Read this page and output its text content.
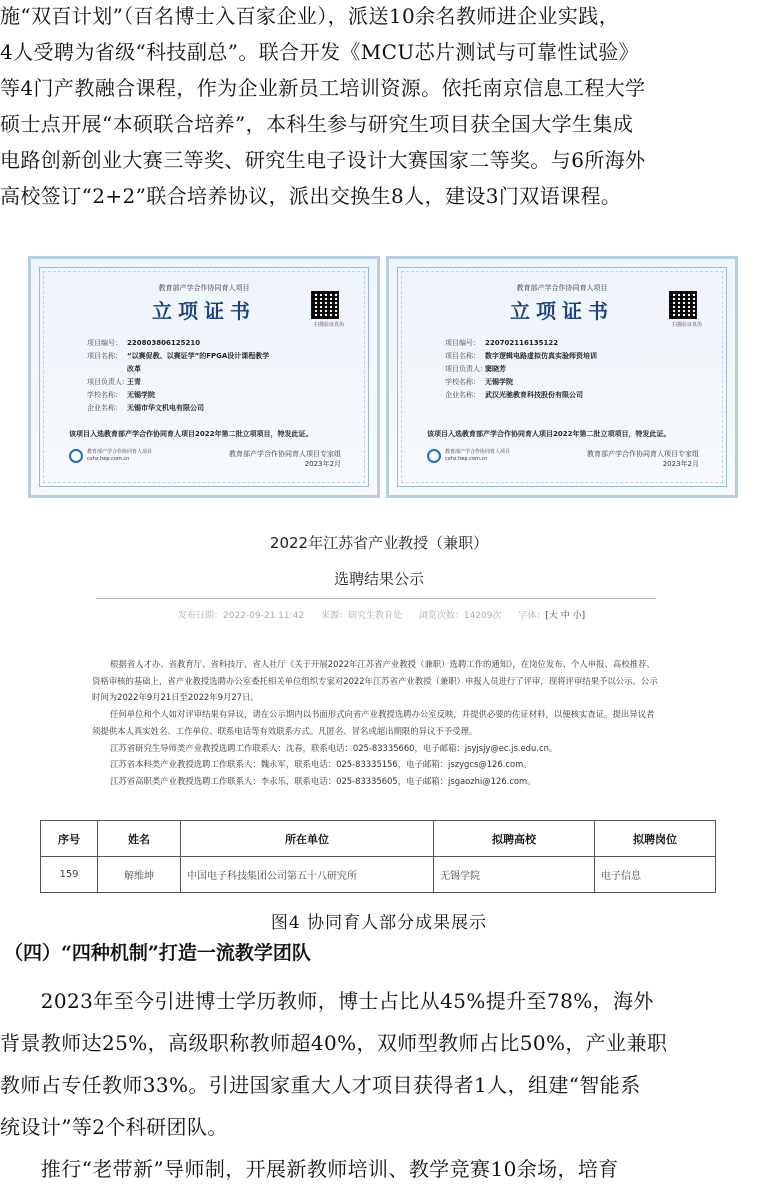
施“双百计划”（百名博士入百家企业），派送10余名教师进企业实践，
4人受聘为省级“科技副总”。联合开发《MCU芯片测试与可靠性试验》
等4门产教融合课程，作为企业新员工培训资源。依托南京信息工程大学
硕士点开展“本硕联合培养”，本科生参与研究生项目获全国大学生集成
电路创新创业大赛三等奖、研究生电子设计大赛国家二等奖。与6所海外
高校签订“2+2”联合培养协议，派出交换生8人，建设3门双语课程。
教育部产学合作协同育人项目
立项证书
扫描验证真伪
项目编号： 220803806125210
项目名称： “以赛促教、以赛证学”的FPGA设计课程教学
改革
项目负责人：王青
学校名称： 无锡学院
企业名称： 无锡市华文机电有限公司
该项目入选教育部产学合作协同育人项目2022年第二批立项项目，特发此证。
教育部产学合作协同育人项目
cxhz.hep.com.cn
教育部产学合作协同育人项目专家组
2023年2月
教育部产学合作协同育人项目
立项证书
扫描验证真伪
项目编号： 220702116135122
项目名称： 数字逻辑电路虚拟仿真实验师资培训
项目负责人：窦晓芳
学校名称： 无锡学院
企业名称： 武汉光驰教育科技股份有限公司
该项目入选教育部产学合作协同育人项目2022年第二批立项项目，特发此证。
教育部产学合作协同育人项目
cxhz.hep.com.cn
教育部产学合作协同育人项目专家组
2023年2月
2022年江苏省产业教授（兼职）
选聘结果公示
发布日期：2022-09-21 11:42 来源：研究生教育处 浏览次数：14209次 字体：[大 中 小]

根据省人才办、省教育厅、省科技厅、省人社厅《关于开展2022年江苏省产业教授（兼职）选聘工作的通知》，在岗位发布、个人申报、高校推荐、资格审核的基础上，省产业教授选聘办公室委托相关单位组织专家对2022年江苏省产业教授（兼职）申报人员进行了评审，现将评审结果予以公示。公示时间为2022年9月21日至2022年9月27日。

任何单位和个人如对评审结果有异议，请在公示期内以书面形式向省产业教授选聘办公室反映，并提供必要的佐证材料，以便核实查证。提出异议者须提供本人真实姓名、工作单位、联系电话等有效联系方式。凡匿名、冒名或超出期限的异议不予受理。

江苏省研究生导师类产业教授选聘工作联系人：沈春，联系电话：025-83335660，电子邮箱：jsyjsjy@ec.js.edu.cn。

江苏省本科类产业教授选聘工作联系人：魏永军，联系电话：025-83335156，电子邮箱：jszygcs@126.com。

江苏省高职类产业教授选聘工作联系人：李永乐，联系电话：025-83335605，电子邮箱：jsgaozhi@126.com。

序号	姓名	所在单位	拟聘高校	拟聘岗位
159	解维坤	中国电子科技集团公司第五十八研究所	无锡学院	电子信息
图4 协同育人部分成果展示
（四）“四种机制”打造一流教学团队
　　2023年至今引进博士学历教师，博士占比从45%提升至78%，海外
背景教师达25%，高级职称教师超40%，双师型教师占比50%，产业兼职
教师占专任教师33%。引进国家重大人才项目获得者1人，组建“智能系
统设计”等2个科研团队。
　　推行“老带新”导师制，开展新教师培训、教学竞赛10余场，培育
